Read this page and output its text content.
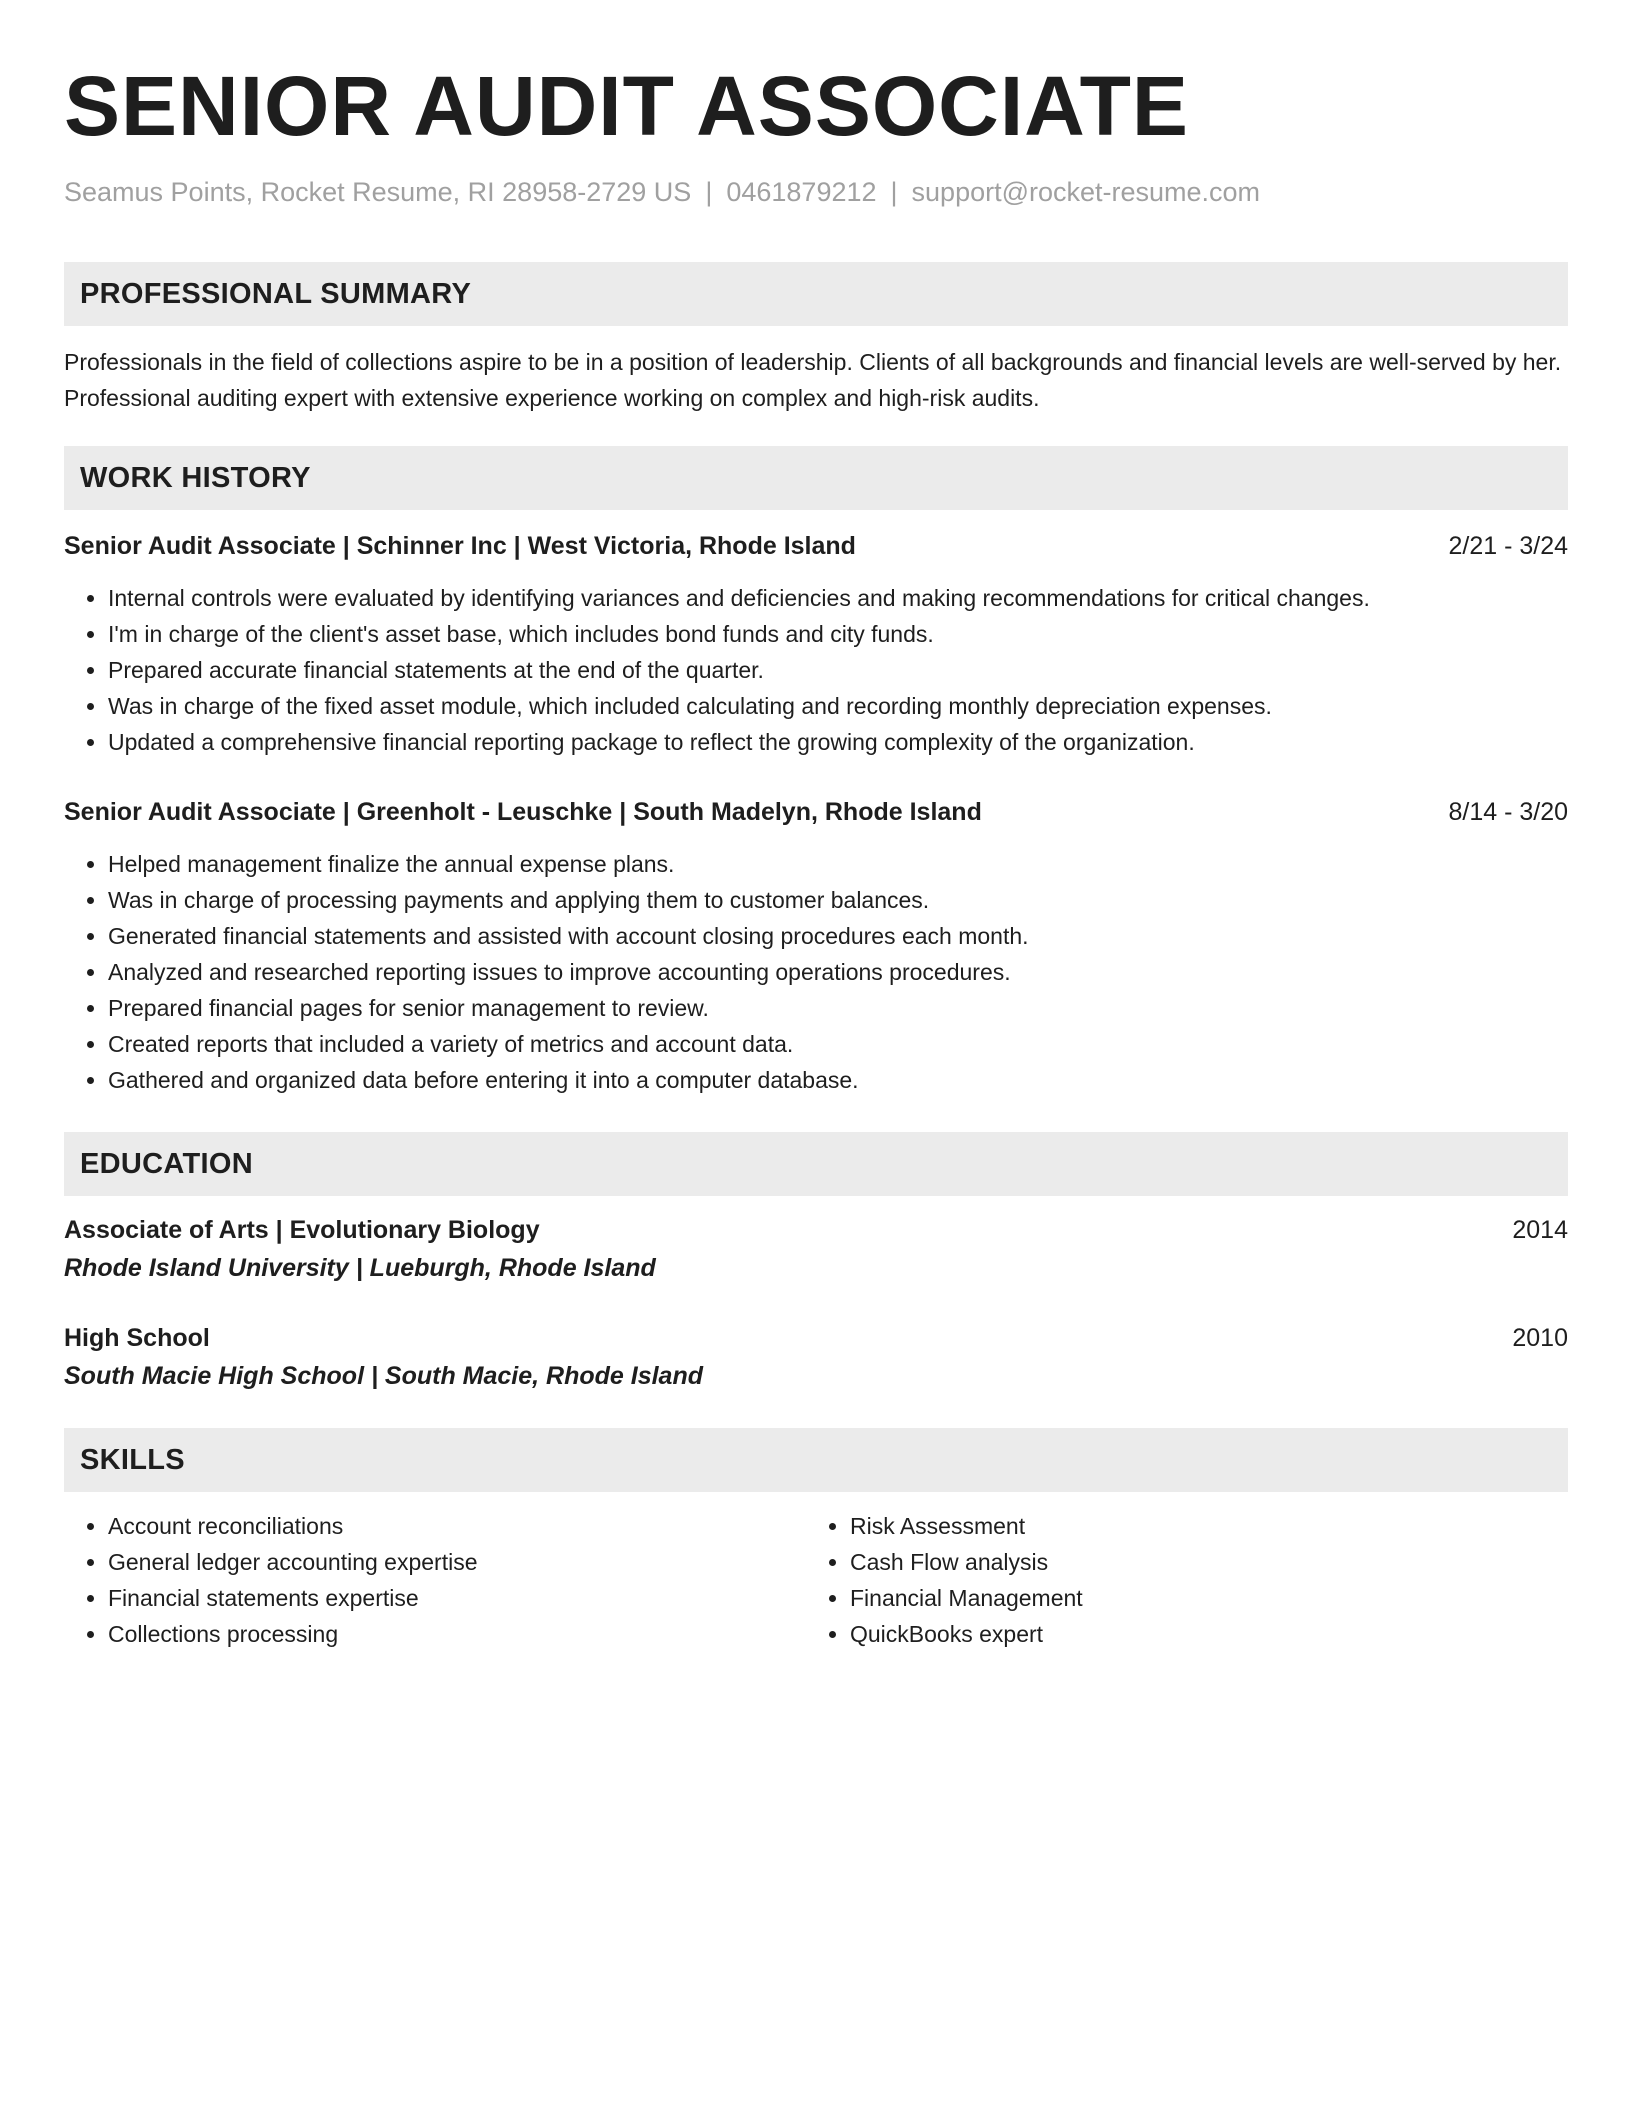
SENIOR AUDIT ASSOCIATE
Seamus Points, Rocket Resume, RI 28958-2729 US | 0461879212 | support@rocket-resume.com
PROFESSIONAL SUMMARY
Professionals in the field of collections aspire to be in a position of leadership. Clients of all backgrounds and financial levels are well-served by her. Professional auditing expert with extensive experience working on complex and high-risk audits.
WORK HISTORY
Senior Audit Associate | Schinner Inc | West Victoria, Rhode Island	2/21 - 3/24
• Internal controls were evaluated by identifying variances and deficiencies and making recommendations for critical changes.
• I'm in charge of the client's asset base, which includes bond funds and city funds.
• Prepared accurate financial statements at the end of the quarter.
• Was in charge of the fixed asset module, which included calculating and recording monthly depreciation expenses.
• Updated a comprehensive financial reporting package to reflect the growing complexity of the organization.
Senior Audit Associate | Greenholt - Leuschke | South Madelyn, Rhode Island	8/14 - 3/20
• Helped management finalize the annual expense plans.
• Was in charge of processing payments and applying them to customer balances.
• Generated financial statements and assisted with account closing procedures each month.
• Analyzed and researched reporting issues to improve accounting operations procedures.
• Prepared financial pages for senior management to review.
• Created reports that included a variety of metrics and account data.
• Gathered and organized data before entering it into a computer database.
EDUCATION
Associate of Arts | Evolutionary Biology	2014
Rhode Island University | Lueburgh, Rhode Island
High School	2010
South Macie High School | South Macie, Rhode Island
SKILLS
• Account reconciliations
• General ledger accounting expertise
• Financial statements expertise
• Collections processing
• Risk Assessment
• Cash Flow analysis
• Financial Management
• QuickBooks expert
